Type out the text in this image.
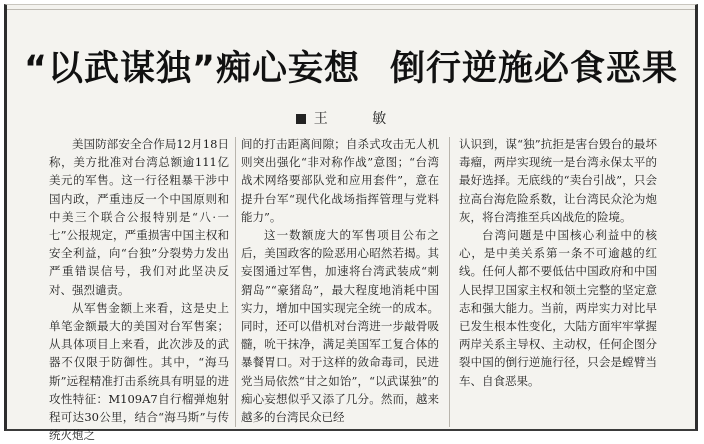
“以武谋独”痴心妄想 倒行逆施必食恶果
王 敏

美国防部安全合作局12月18日称，美方批准对台湾总额逾111亿美元的军售。这一行径粗暴干涉中国内政，严重违反一个中国原则和中美三个联合公报特别是“八·一七”公报规定，严重损害中国主权和安全利益，向“台独”分裂势力发出严重错误信号，我们对此坚决反对、强烈谴责。

从军售金额上来看，这是史上单笔金额最大的美国对台军售案；从具体项目上来看，此次涉及的武器不仅限于防御性。其中，“海马斯”远程精准打击系统具有明显的进攻性特征：M109A7自行榴弹炮射程可达30公里，结合“海马斯”与传统火炮之

间的打击距离间隙；自杀式攻击无人机则突出强化“非对称作战”意图；“台湾战术网络要部队党和应用套件”，意在提升台军“现代化战场指挥管理与党料能力”。

这一数额庞大的军售项目公布之后，美国政客的险恶用心昭然若揭。其妄图通过军售，加速将台湾武装成“刺猬岛”“豪猪岛”，最大程度地消耗中国实力，增加中国实现完全统一的成本。同时，还可以借机对台湾进一步敲骨吸髓，吮干抹净，满足美国军工复合体的暴餐胃口。对于这样的敛命毒司，民进党当局依然“甘之如饴”，“以武谋独”的痴心妄想似乎又添了几分。然而，越来越多的台湾民众已经

认识到，谋“独”抗拒是害台毁台的最坏毒瘤，两岸实现统一是台湾永保太平的最好选择。无底线的“卖台引战”，只会拉高台海危险系数，让台湾民众沦为炮灰，将台湾推至兵凶战危的险境。

台湾问题是中国核心利益中的核心，是中美关系第一条不可逾越的红线。任何人都不要低估中国政府和中国人民捍卫国家主权和领土完整的坚定意志和强大能力。当前，两岸实力对比早已发生根本性变化，大陆方面牢牢掌握两岸关系主导权、主动权，任何企图分裂中国的倒行逆施行径，只会是螳臂当车、自食恶果。
